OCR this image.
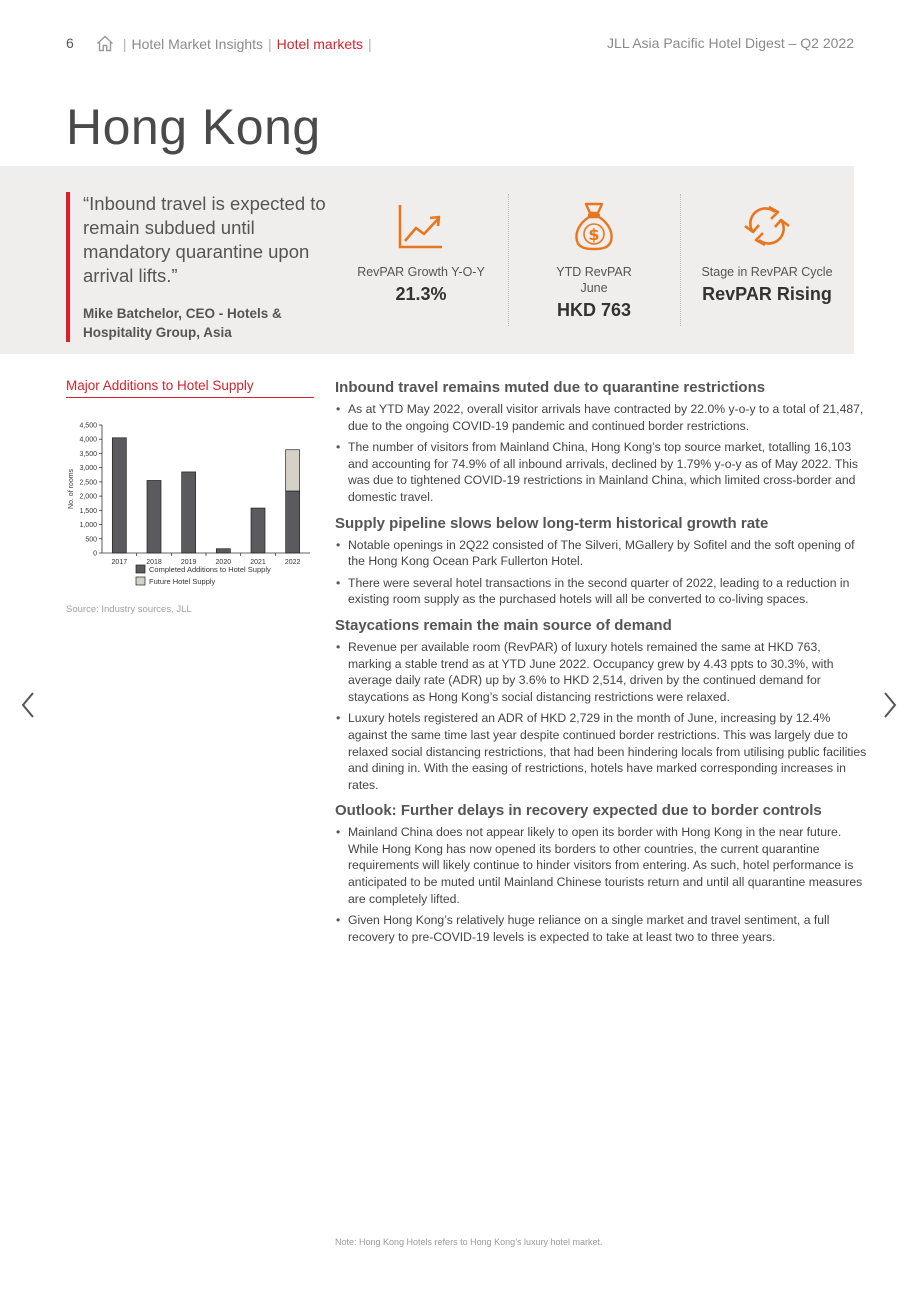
6	| Hotel Market Insights | Hotel markets |	JLL Asia Pacific Hotel Digest – Q2 2022
Hong Kong
“Inbound travel is expected to remain subdued until mandatory quarantine upon arrival lifts.”
Mike Batchelor, CEO - Hotels & Hospitality Group, Asia
RevPAR Growth Y-O-Y
21.3%
$
YTD RevPAR
June
HKD 763
Stage in RevPAR Cycle
RevPAR Rising
Major Additions to Hotel Supply
0
500
1,000
1,500
2,000
2,500
3,000
3,500
4,000
4,500
No. of rooms
2017	2018	2019	2020	2021	2022
Completed Additions to Hotel Supply
Future Hotel Supply
Source: Industry sources, JLL
Inbound travel remains muted due to quarantine restrictions
• As at YTD May 2022, overall visitor arrivals have contracted by 22.0% y-o-y to a total of 21,487, due to the ongoing COVID-19 pandemic and continued border restrictions.
• The number of visitors from Mainland China, Hong Kong’s top source market, totalling 16,103 and accounting for 74.9% of all inbound arrivals, declined by 1.79% y-o-y as of May 2022. This was due to tightened COVID-19 restrictions in Mainland China, which limited cross-border and domestic travel.
Supply pipeline slows below long-term historical growth rate
• Notable openings in 2Q22 consisted of The Silveri, MGallery by Sofitel and the soft opening of the Hong Kong Ocean Park Fullerton Hotel.
• There were several hotel transactions in the second quarter of 2022, leading to a reduction in existing room supply as the purchased hotels will all be converted to co-living spaces.
Staycations remain the main source of demand
• Revenue per available room (RevPAR) of luxury hotels remained the same at HKD 763, marking a stable trend as at YTD June 2022. Occupancy grew by 4.43 ppts to 30.3%, with average daily rate (ADR) up by 3.6% to HKD 2,514, driven by the continued demand for staycations as Hong Kong’s social distancing restrictions were relaxed.
• Luxury hotels registered an ADR of HKD 2,729 in the month of June, increasing by 12.4% against the same time last year despite continued border restrictions. This was largely due to relaxed social distancing restrictions, that had been hindering locals from utilising public facilities and dining in. With the easing of restrictions, hotels have marked corresponding increases in rates.
Outlook: Further delays in recovery expected due to border controls
• Mainland China does not appear likely to open its border with Hong Kong in the near future. While Hong Kong has now opened its borders to other countries, the current quarantine requirements will likely continue to hinder visitors from entering. As such, hotel performance is anticipated to be muted until Mainland Chinese tourists return and until all quarantine measures are completely lifted.
• Given Hong Kong’s relatively huge reliance on a single market and travel sentiment, a full recovery to pre-COVID-19 levels is expected to take at least two to three years.
Note: Hong Kong Hotels refers to Hong Kong’s luxury hotel market.
